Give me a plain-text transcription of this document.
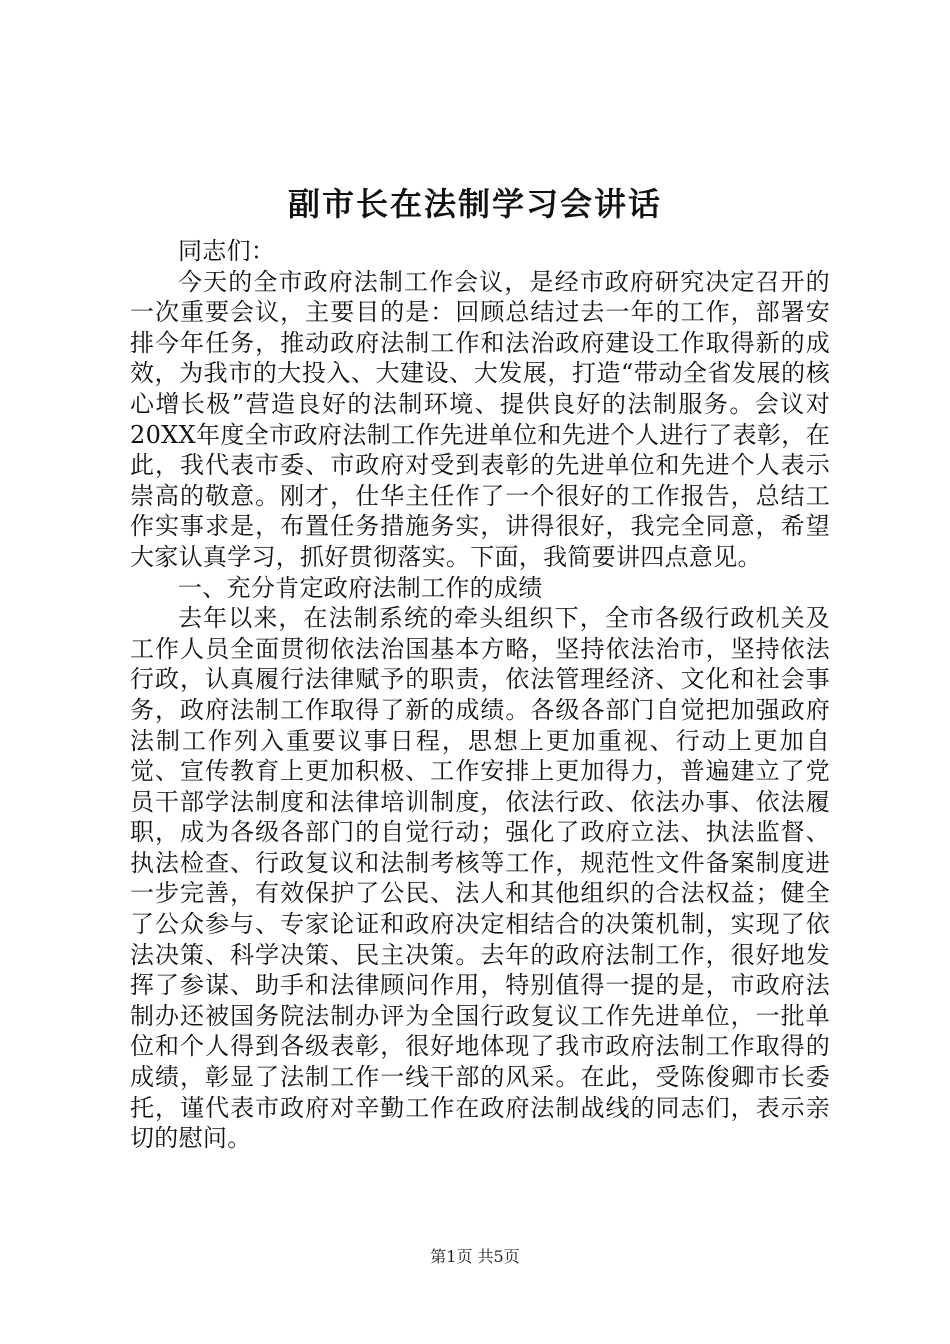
副市长在法制学习会讲话

同志们：

今天的全市政府法制工作会议，是经市政府研究决定召开的一次重要会议，主要目的是：回顾总结过去一年的工作，部署安排今年任务，推动政府法制工作和法治政府建设工作取得新的成效，为我市的大投入、大建设、大发展，打造“带动全省发展的核心增长极”营造良好的法制环境、提供良好的法制服务。会议对20XX年度全市政府法制工作先进单位和先进个人进行了表彰，在此，我代表市委、市政府对受到表彰的先进单位和先进个人表示崇高的敬意。刚才，仕华主任作了一个很好的工作报告，总结工作实事求是，布置任务措施务实，讲得很好，我完全同意，希望大家认真学习，抓好贯彻落实。下面，我简要讲四点意见。

一、充分肯定政府法制工作的成绩

去年以来，在法制系统的牵头组织下，全市各级行政机关及工作人员全面贯彻依法治国基本方略，坚持依法治市，坚持依法行政，认真履行法律赋予的职责，依法管理经济、文化和社会事务，政府法制工作取得了新的成绩。各级各部门自觉把加强政府法制工作列入重要议事日程，思想上更加重视、行动上更加自觉、宣传教育上更加积极、工作安排上更加得力，普遍建立了党员干部学法制度和法律培训制度，依法行政、依法办事、依法履职，成为各级各部门的自觉行动；强化了政府立法、执法监督、执法检查、行政复议和法制考核等工作，规范性文件备案制度进一步完善，有效保护了公民、法人和其他组织的合法权益；健全了公众参与、专家论证和政府决定相结合的决策机制，实现了依法决策、科学决策、民主决策。去年的政府法制工作，很好地发挥了参谋、助手和法律顾问作用，特别值得一提的是，市政府法制办还被国务院法制办评为全国行政复议工作先进单位，一批单位和个人得到各级表彰，很好地体现了我市政府法制工作取得的成绩，彰显了法制工作一线干部的风采。在此，受陈俊卿市长委托，谨代表市政府对辛勤工作在政府法制战线的同志们，表示亲切的慰问。

第1页 共5页
